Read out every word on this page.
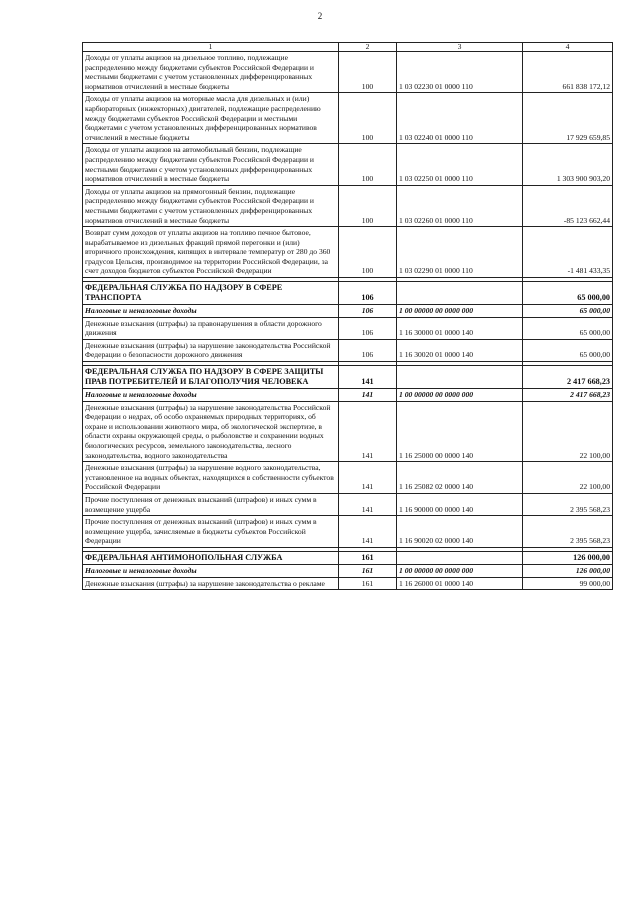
2
1	2	3	4
Доходы от уплаты акцизов на дизельное топливо, подлежащие распределению между бюджетами субъектов Российской Федерации и местными бюджетами с учетом установленных дифференцированных нормативов отчислений в местные бюджеты	100	1 03 02230 01 0000 110	661 838 172,12
Доходы от уплаты акцизов на моторные масла для дизельных и (или) карбюраторных (инжекторных) двигателей, подлежащие распределению между бюджетами субъектов Российской Федерации и местными бюджетами с учетом установленных дифференцированных нормативов отчислений в местные бюджеты	100	1 03 02240 01 0000 110	17 929 659,85
Доходы от уплаты акцизов на автомобильный бензин, подлежащие распределению между бюджетами субъектов Российской Федерации и местными бюджетами с учетом установленных дифференцированных нормативов отчислений в местные бюджеты	100	1 03 02250 01 0000 110	1 303 900 903,20
Доходы от уплаты акцизов на прямогонный бензин, подлежащие распределению между бюджетами субъектов Российской Федерации и местными бюджетами с учетом установленных дифференцированных нормативов отчислений в местные бюджеты	100	1 03 02260 01 0000 110	-85 123 662,44
Возврат сумм доходов от уплаты акцизов на топливо печное бытовое, вырабатываемое из дизельных фракций прямой перегонки и (или) вторичного происхождения, кипящих в интервале температур от 280 до 360 градусов Цельсия, производимое на территории Российской Федерации, за счет доходов бюджетов субъектов Российской Федерации	100	1 03 02290 01 0000 110	-1 481 433,35

ФЕДЕРАЛЬНАЯ СЛУЖБА ПО НАДЗОРУ В СФЕРЕ ТРАНСПОРТА	106		65 000,00
Налоговые и неналоговые доходы	106	1 00 00000 00 0000 000	65 000,00
Денежные взыскания (штрафы) за правонарушения в области дорожного движения	106	1 16 30000 01 0000 140	65 000,00
Денежные взыскания (штрафы) за нарушение законодательства Российской Федерации о безопасности дорожного движения	106	1 16 30020 01 0000 140	65 000,00

ФЕДЕРАЛЬНАЯ СЛУЖБА ПО НАДЗОРУ В СФЕРЕ ЗАЩИТЫ ПРАВ ПОТРЕБИТЕЛЕЙ И БЛАГОПОЛУЧИЯ ЧЕЛОВЕКА	141		2 417 668,23
Налоговые и неналоговые доходы	141	1 00 00000 00 0000 000	2 417 668,23
Денежные взыскания (штрафы) за нарушение законодательства Российской Федерации о недрах, об особо охраняемых природных территориях, об охране и использовании животного мира, об экологической экспертизе, в области охраны окружающей среды, о рыболовстве и сохранении водных биологических ресурсов, земельного законодательства, лесного законодательства, водного законодательства	141	1 16 25000 00 0000 140	22 100,00
Денежные взыскания (штрафы) за нарушение водного законодательства, установленное на водных объектах, находящихся в собственности субъектов Российской Федерации	141	1 16 25082 02 0000 140	22 100,00
Прочие поступления от денежных взысканий (штрафов) и иных сумм в возмещение ущерба	141	1 16 90000 00 0000 140	2 395 568,23
Прочие поступления от денежных взысканий (штрафов) и иных сумм в возмещение ущерба, зачисляемые в бюджеты субъектов Российской Федерации	141	1 16 90020 02 0000 140	2 395 568,23

ФЕДЕРАЛЬНАЯ АНТИМОНОПОЛЬНАЯ СЛУЖБА	161		126 000,00
Налоговые и неналоговые доходы	161	1 00 00000 00 0000 000	126 000,00
Денежные взыскания (штрафы) за нарушение законодательства о рекламе	161	1 16 26000 01 0000 140	99 000,00
